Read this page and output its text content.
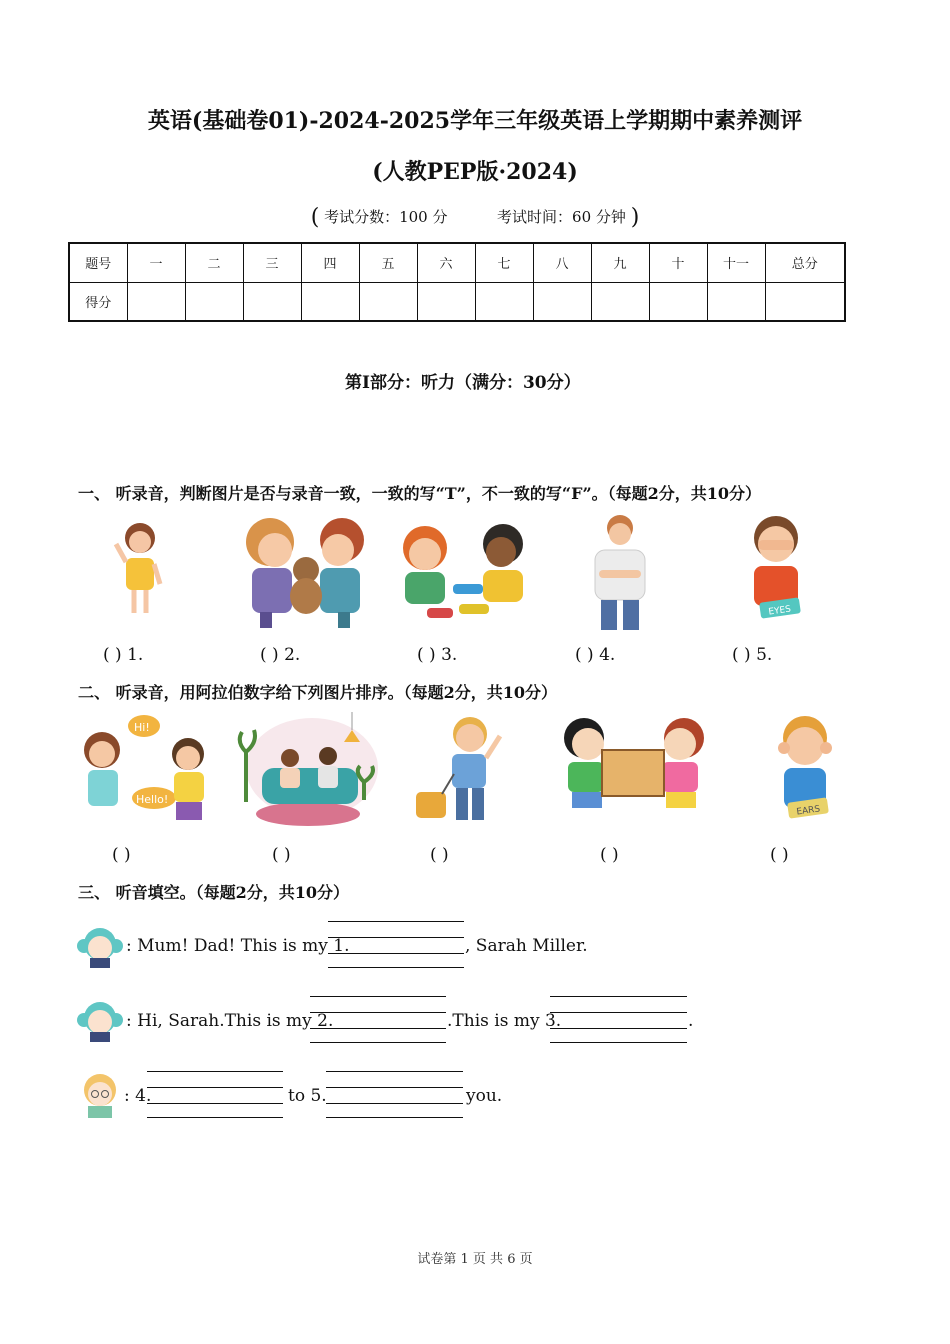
英语(基础卷01)-2024-2025学年三年级英语上学期期中素养测评
(人教PEP版·2024)
( 考试分数：100 分	考试时间：60 分钟 )
题号	一	二	三	四	五	六	七	八	九	十	十一	总分
得分												
第I部分：听力（满分：30分）
一、 听录音，判断图片是否与录音一致，一致的写“T”，不一致的写“F”。（每题2分，共10分）
EYES
( ) 1.	( ) 2.	( ) 3.	( ) 4.	( ) 5.
二、 听录音，用阿拉伯数字给下列图片排序。（每题2分，共10分）
Hi!
Hello!
EARS
( )	( )	( )	( )	( )
三、 听音填空。（每题2分，共10分）
: Mum! Dad! This is my 1.	, Sarah Miller.
: Hi, Sarah.This is my 2.	.This is my 3.	.
: 4.	to 5.	you.
试卷第 1 页 共 6 页
